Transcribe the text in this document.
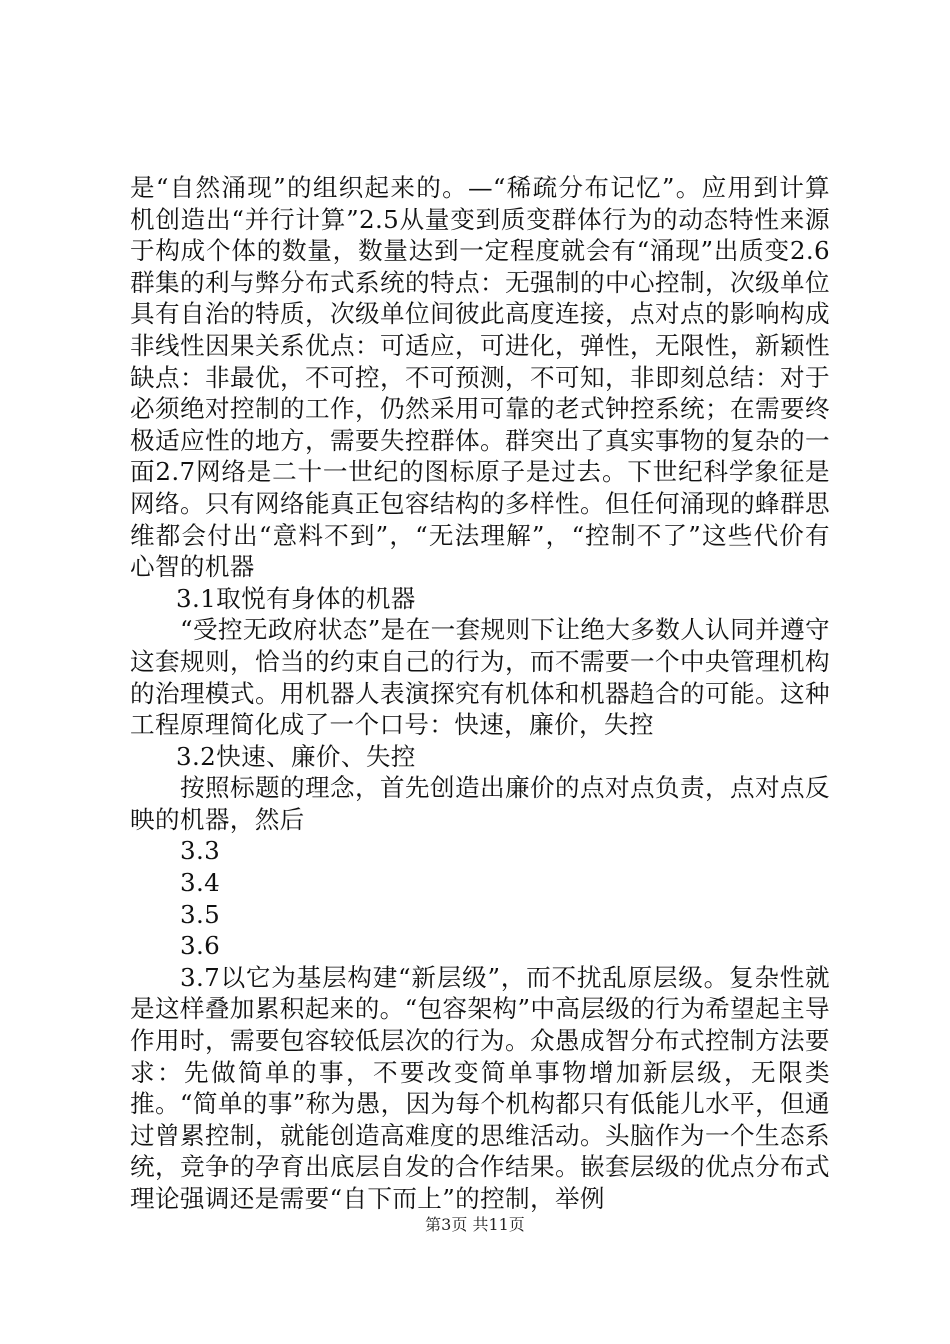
是“自然涌现”的组织起来的。—“稀疏分布记忆”。应用到计算机创造出“并行计算”2.5从量变到质变群体行为的动态特性来源于构成个体的数量，数量达到一定程度就会有“涌现”出质变2.6群集的利与弊分布式系统的特点：无强制的中心控制，次级单位具有自治的特质，次级单位间彼此高度连接，点对点的影响构成非线性因果关系优点：可适应，可进化，弹性，无限性，新颖性缺点：非最优，不可控，不可预测，不可知，非即刻总结：对于必须绝对控制的工作，仍然采用可靠的老式钟控系统；在需要终极适应性的地方，需要失控群体。群突出了真实事物的复杂的一面2.7网络是二十一世纪的图标原子是过去。下世纪科学象征是网络。只有网络能真正包容结构的多样性。但任何涌现的蜂群思维都会付出“意料不到”，“无法理解”，“控制不了”这些代价有心智的机器

3.1取悦有身体的机器

“受控无政府状态”是在一套规则下让绝大多数人认同并遵守这套规则，恰当的约束自己的行为，而不需要一个中央管理机构的治理模式。用机器人表演探究有机体和机器趋合的可能。这种工程原理简化成了一个口号：快速，廉价，失控

3.2快速、廉价、失控

按照标题的理念，首先创造出廉价的点对点负责，点对点反映的机器，然后

3.3

3.4

3.5

3.6

3.7以它为基层构建“新层级”，而不扰乱原层级。复杂性就是这样叠加累积起来的。“包容架构”中高层级的行为希望起主导作用时，需要包容较低层次的行为。众愚成智分布式控制方法要求：先做简单的事，不要改变简单事物增加新层级，无限类推。“简单的事”称为愚，因为每个机构都只有低能儿水平，但通过曾累控制，就能创造高难度的思维活动。头脑作为一个生态系统，竞争的孕育出底层自发的合作结果。嵌套层级的优点分布式理论强调还是需要“自下而上”的控制，举例

第3页 共11页
